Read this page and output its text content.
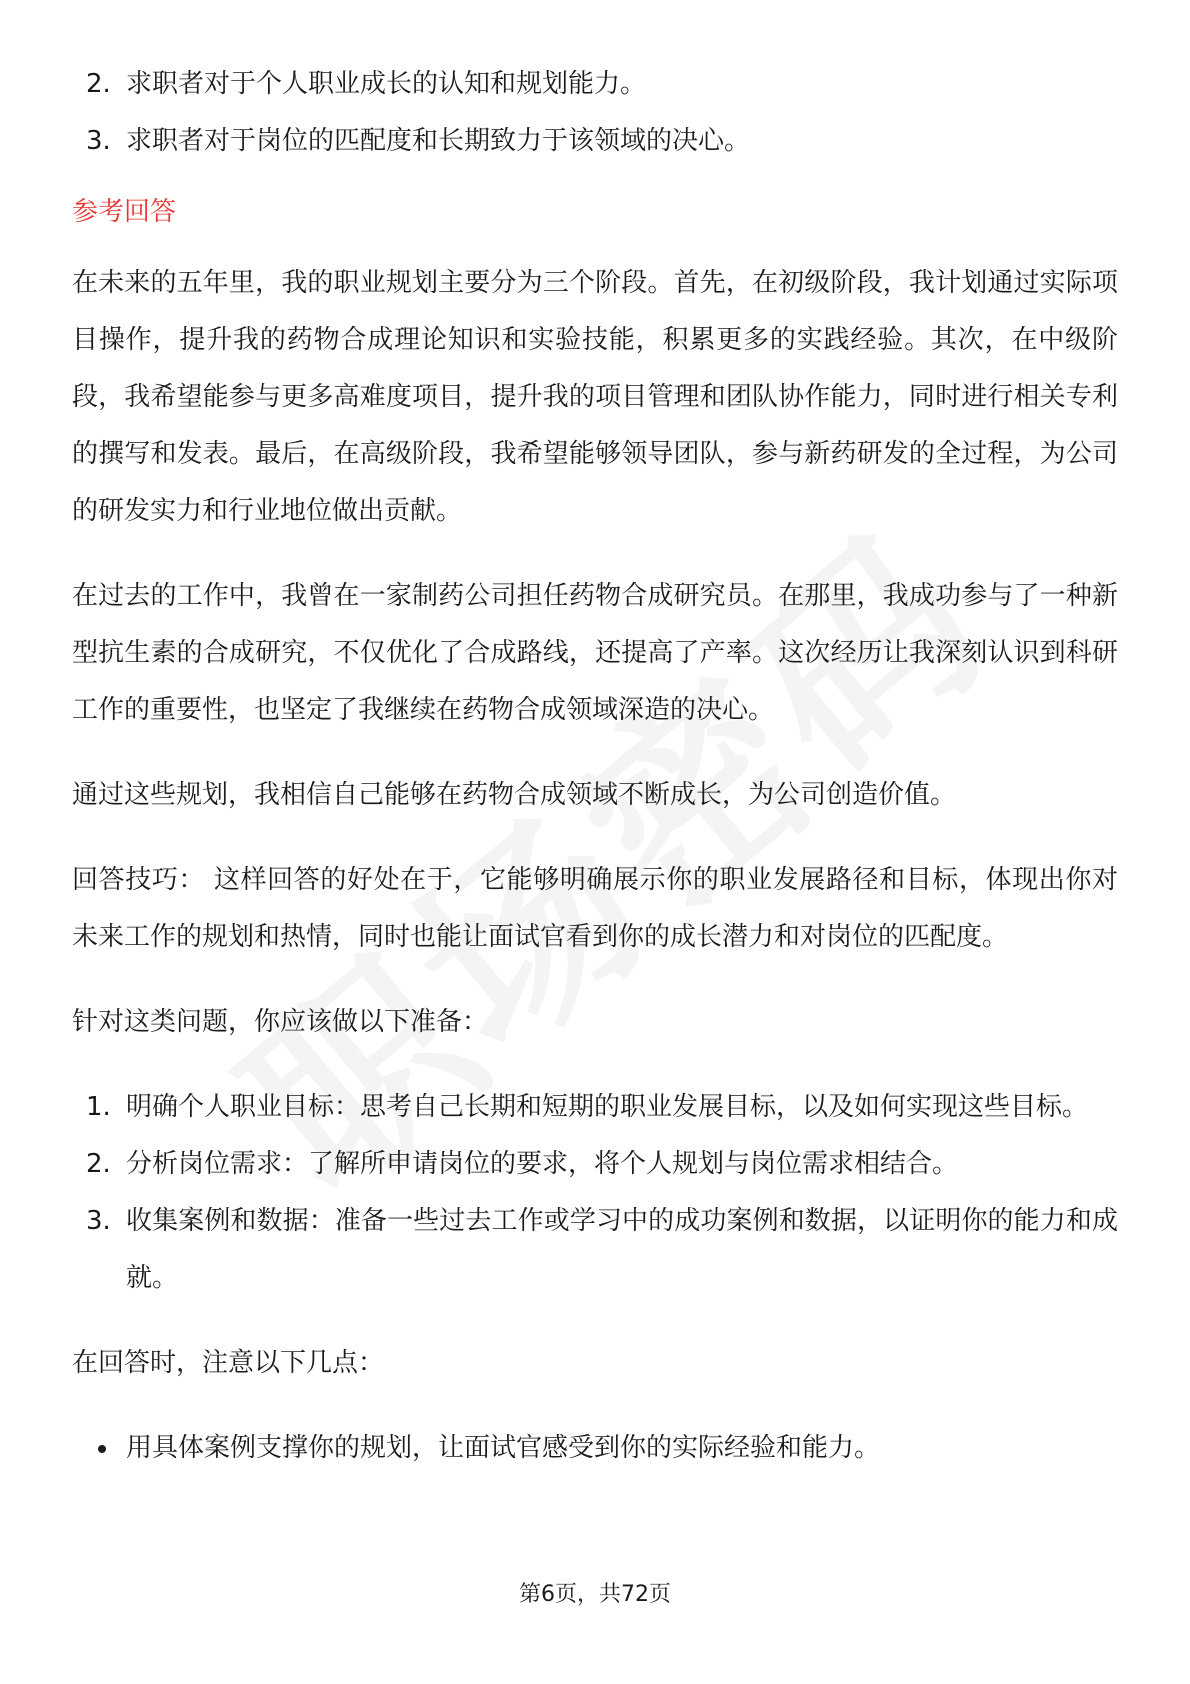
2. 求职者对于个人职业成长的认知和规划能力。
3. 求职者对于岗位的匹配度和长期致力于该领域的决心。
参考回答

在未来的五年里，我的职业规划主要分为三个阶段。首先，在初级阶段，我计划通过实际项目操作，提升我的药物合成理论知识和实验技能，积累更多的实践经验。其次，在中级阶段，我希望能参与更多高难度项目，提升我的项目管理和团队协作能力，同时进行相关专利的撰写和发表。最后，在高级阶段，我希望能够领导团队，参与新药研发的全过程，为公司的研发实力和行业地位做出贡献。

在过去的工作中，我曾在一家制药公司担任药物合成研究员。在那里，我成功参与了一种新型抗生素的合成研究，不仅优化了合成路线，还提高了产率。这次经历让我深刻认识到科研工作的重要性，也坚定了我继续在药物合成领域深造的决心。

通过这些规划，我相信自己能够在药物合成领域不断成长，为公司创造价值。

回答技巧： 这样回答的好处在于，它能够明确展示你的职业发展路径和目标，体现出你对未来工作的规划和热情，同时也能让面试官看到你的成长潜力和对岗位的匹配度。

针对这类问题，你应该做以下准备：

1. 明确个人职业目标：思考自己长期和短期的职业发展目标，以及如何实现这些目标。
2. 分析岗位需求：了解所申请岗位的要求，将个人规划与岗位需求相结合。
3. 收集案例和数据：准备一些过去工作或学习中的成功案例和数据，以证明你的能力和成就。

在回答时，注意以下几点：

用具体案例支撑你的规划，让面试官感受到你的实际经验和能力。
第6页，共72页
